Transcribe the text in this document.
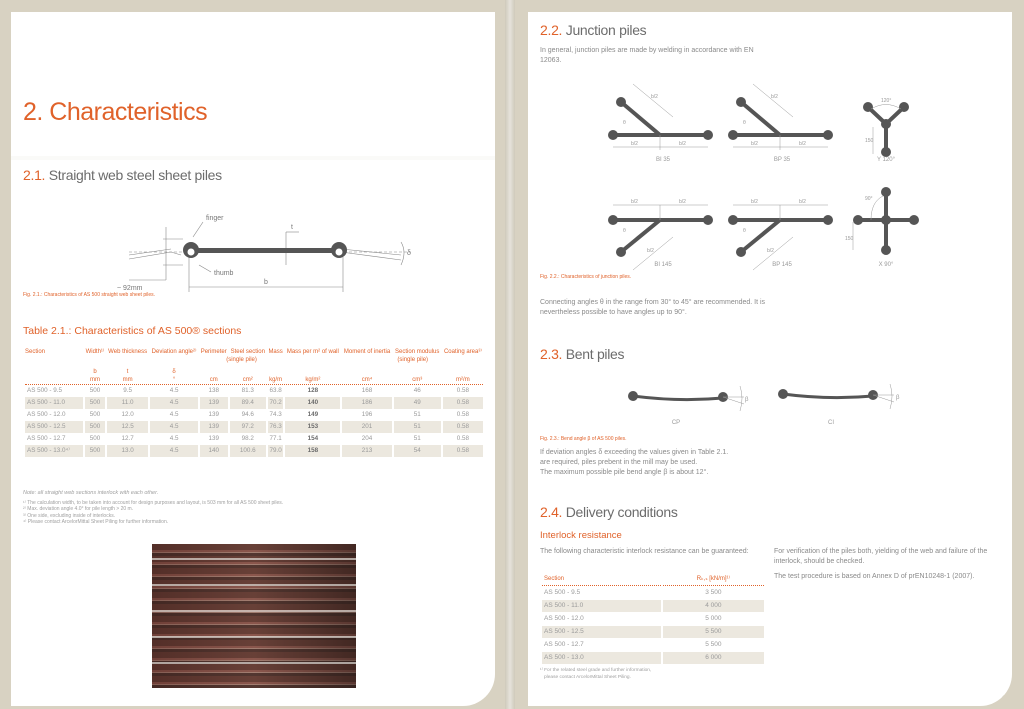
2. Characteristics
2.1. Straight web steel sheet piles
finger
thumb
t
b
δ
~ 92mm
Fig. 2.1.: Characteristics of AS 500 straight web sheet piles.
Table 2.1.: Characteristics of AS 500® sections
Section	Width¹⁾	Web thickness	Deviation angle²⁾	Perimeter	Steel section	Mass	Mass per m² of wall	Moment of inertia	Section modulus	Coating area³⁾
				(single pile)				(single pile)		
	b	t	δ							
	mm	mm	°	cm	cm²	kg/m	kg/m²	cm⁴	cm³	m²/m

AS 500 - 9.5	500	9.5	4.5	138	81.3	63.8	128	168	46	0.58
AS 500 - 11.0	500	11.0	4.5	139	89.4	70.2	140	186	49	0.58
AS 500 - 12.0	500	12.0	4.5	139	94.6	74.3	149	196	51	0.58
AS 500 - 12.5	500	12.5	4.5	139	97.2	76.3	153	201	51	0.58
AS 500 - 12.7	500	12.7	4.5	139	98.2	77.1	154	204	51	0.58
AS 500 - 13.0⁴⁾	500	13.0	4.5	140	100.6	79.0	158	213	54	0.58
Note: all straight web sections interlock with each other.
¹⁾ The calculation width, to be taken into account for design purposes and layout, is 503 mm for all AS 500 sheet piles.
²⁾ Max. deviation angle 4.0° for pile length > 20 m.
³⁾ One side, excluding inside of interlocks.
⁴⁾ Please contact ArcelorMittal Sheet Piling for further information.
5
2.2. Junction piles
In general, junction piles are made by welding in accordance with EN 12063.
b/2	b/2	b/2	b/2
b/2	b/2
θ	θ
120°
150
b/2	b/2	b/2	b/2
b/2	b/2
θ	θ
90°
150
BI 35	BP 35	Y 120°
BI 145	BP 145	X 90°
Fig. 2.2.: Characteristics of junction piles.
Connecting angles θ in the range from 30° to 45° are recommended. It is nevertheless possible to have angles up to 90°.
2.3. Bent piles
β	β
CP	CI
Fig. 2.3.: Bend angle β of AS 500 piles.
If deviation angles δ exceeding the values given in Table 2.1.
are required, piles prebent in the mill may be used.
The maximum possible pile bend angle β is about 12°.
2.4. Delivery conditions
Interlock resistance
The following characteristic interlock resistance can be guaranteed:
Section	Rₖ,ₛ [kN/m]¹⁾
AS 500 - 9.5	3 500
AS 500 - 11.0	4 000
AS 500 - 12.0	5 000
AS 500 - 12.5	5 500
AS 500 - 12.7	5 500
AS 500 - 13.0	6 000
¹⁾ For the related steel grade and further information,
please contact ArcelorMittal Sheet Piling.
For verification of the piles both, yielding of the web and failure of the interlock, should be checked.
The test procedure is based on Annex D of prEN10248-1 (2007).
6
